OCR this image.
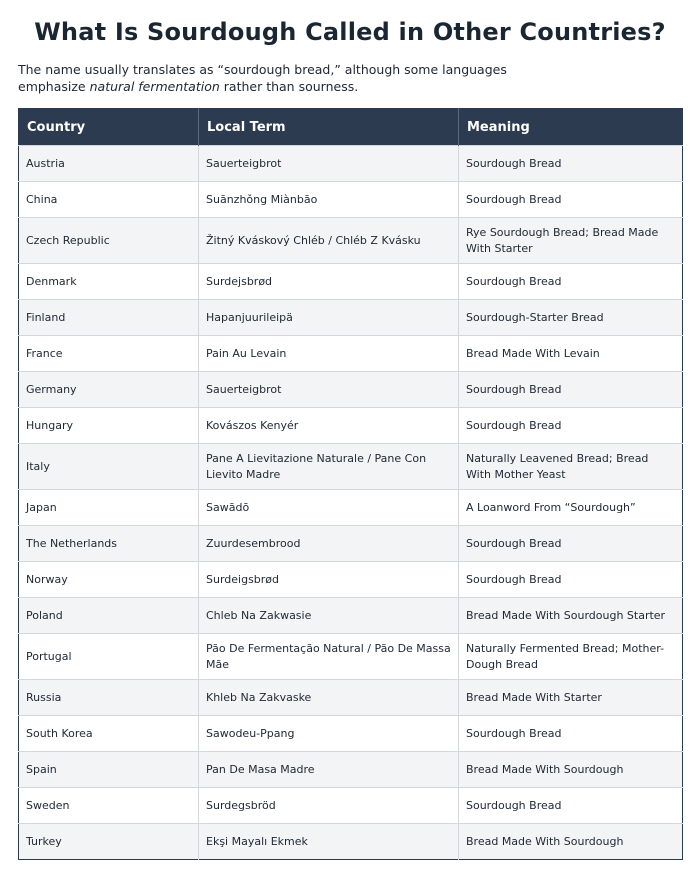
What Is Sourdough Called in Other Countries?

The name usually translates as “sourdough bread,” although some languages emphasize natural fermentation rather than sourness.

Country	Local Term	Meaning
Austria	Sauerteigbrot	Sourdough Bread
China	Suānzhǒng Miànbāo	Sourdough Bread
Czech Republic	Žitný Kváskový Chléb / Chléb Z Kvásku	Rye Sourdough Bread; Bread Made With Starter
Denmark	Surdejsbrød	Sourdough Bread
Finland	Hapanjuurileipä	Sourdough-Starter Bread
France	Pain Au Levain	Bread Made With Levain
Germany	Sauerteigbrot	Sourdough Bread
Hungary	Kovászos Kenyér	Sourdough Bread
Italy	Pane A Lievitazione Naturale / Pane Con Lievito Madre	Naturally Leavened Bread; Bread With Mother Yeast
Japan	Sawādō	A Loanword From “Sourdough”
The Netherlands	Zuurdesembrood	Sourdough Bread
Norway	Surdeigsbrød	Sourdough Bread
Poland	Chleb Na Zakwasie	Bread Made With Sourdough Starter
Portugal	Pão De Fermentação Natural / Pão De Massa Mãe	Naturally Fermented Bread; Mother-Dough Bread
Russia	Khleb Na Zakvaske	Bread Made With Starter
South Korea	Sawodeu-Ppang	Sourdough Bread
Spain	Pan De Masa Madre	Bread Made With Sourdough
Sweden	Surdegsbröd	Sourdough Bread
Turkey	Ekşi Mayalı Ekmek	Bread Made With Sourdough
